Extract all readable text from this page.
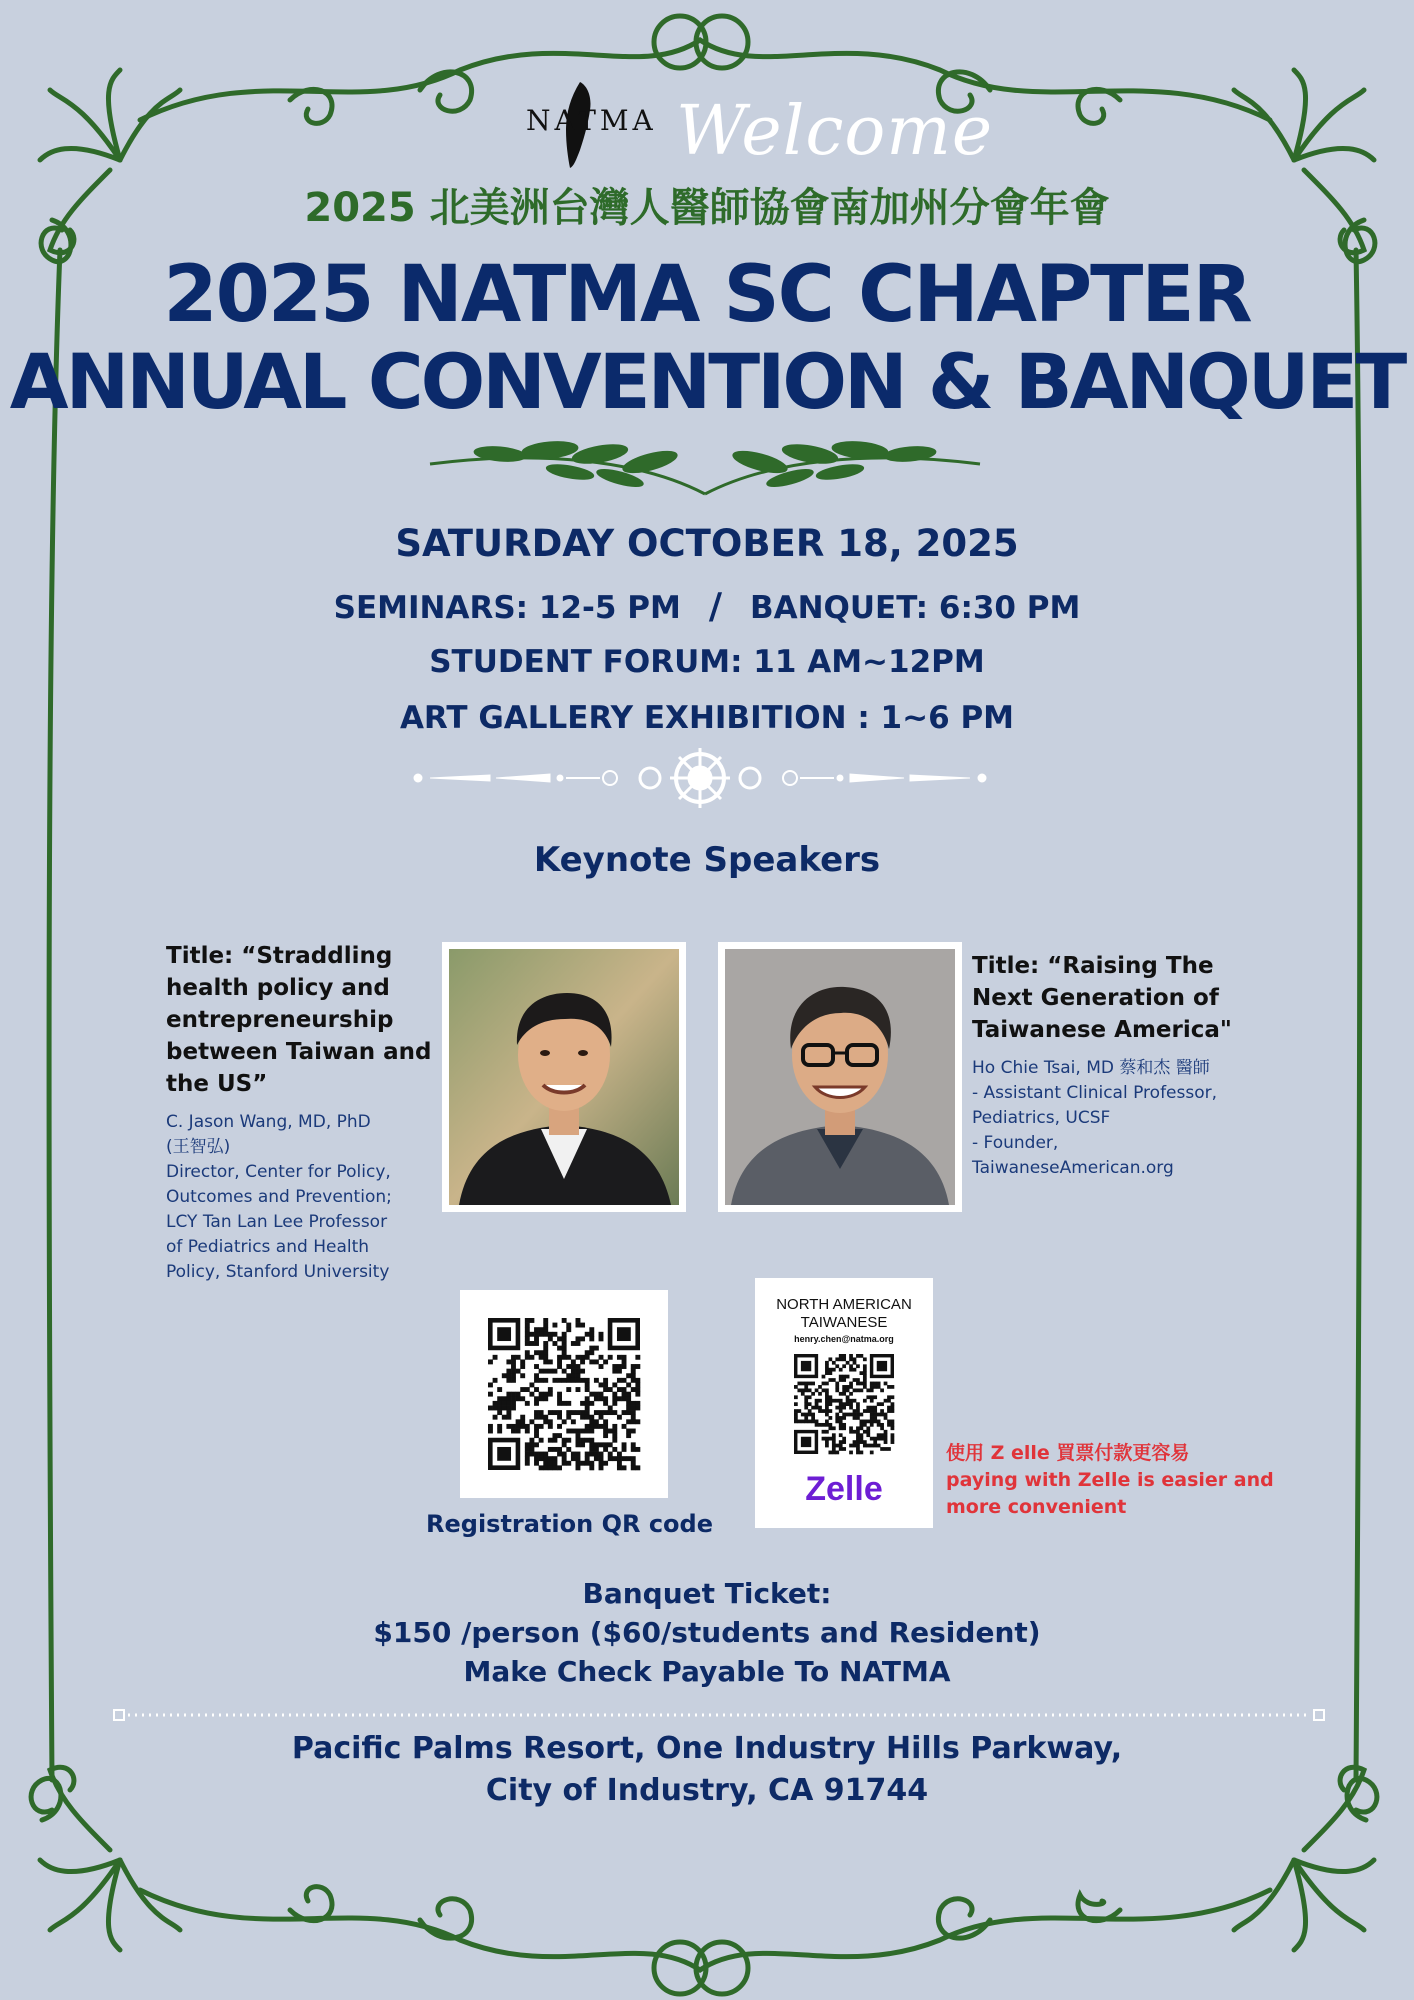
NATMA Welcome
2025 北美洲台灣人醫師協會南加州分會年會
2025 NATMA SC CHAPTER
ANNUAL CONVENTION & BANQUET
SATURDAY OCTOBER 18, 2025
SEMINARS: 12-5 PM / BANQUET: 6:30 PM
STUDENT FORUM: 11 AM~12PM
ART GALLERY EXHIBITION : 1~6 PM
Keynote Speakers
Title: “Straddling
health policy and
entrepreneurship
between Taiwan and
the US”
C. Jason Wang, MD, PhD
(王智弘)
Director, Center for Policy,
Outcomes and Prevention;
LCY Tan Lan Lee Professor
of Pediatrics and Health
Policy, Stanford University
Title: “Raising The
Next Generation of
Taiwanese America"
Ho Chie Tsai, MD 蔡和杰 醫師
- Assistant Clinical Professor,
Pediatrics, UCSF
- Founder,
TaiwaneseAmerican.org
Registration QR code
NORTH AMERICAN
TAIWANESE
henry.chen@natma.org
Zelle
使用 Z elle 買票付款更容易
paying with Zelle is easier and
more convenient
Banquet Ticket:
$150 /person ($60/students and Resident)
Make Check Payable To NATMA
Pacific Palms Resort, One Industry Hills Parkway,
City of Industry, CA 91744
